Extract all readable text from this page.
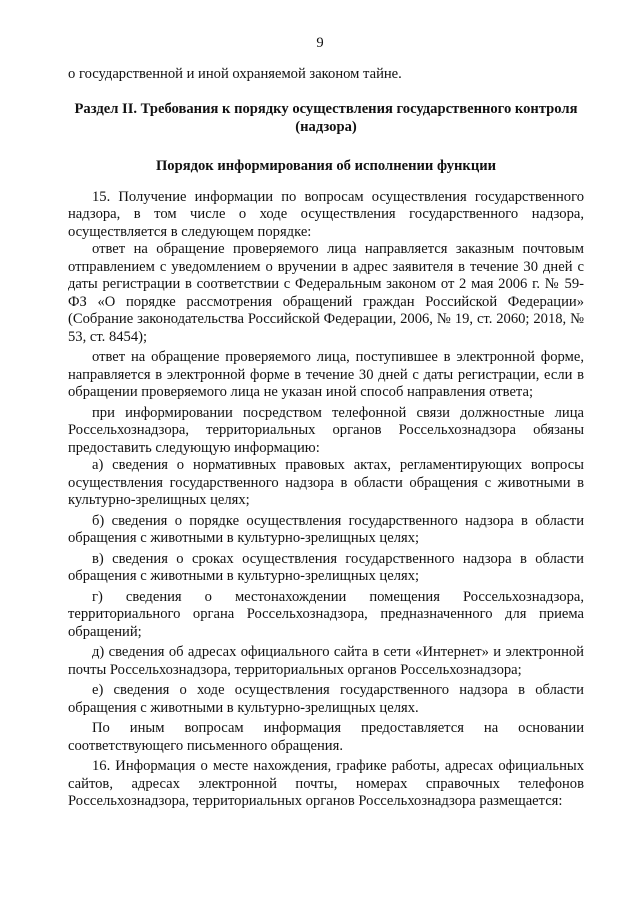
9

о государственной и иной охраняемой законом тайне.

Раздел II. Требования к порядку осуществления государственного контроля (надзора)
Порядок информирования об исполнении функции

15. Получение информации по вопросам осуществления государственного надзора, в том числе о ходе осуществления государственного надзора, осуществляется в следующем порядке:

ответ на обращение проверяемого лица направляется заказным почтовым отправлением с уведомлением о вручении в адрес заявителя в течение 30 дней с даты регистрации в соответствии с Федеральным законом от 2 мая 2006 г. № 59-ФЗ «О порядке рассмотрения обращений граждан Российской Федерации» (Собрание законодательства Российской Федерации, 2006, № 19, ст. 2060; 2018, № 53, ст. 8454);

ответ на обращение проверяемого лица, поступившее в электронной форме, направляется в электронной форме в течение 30 дней с даты регистрации, если в обращении проверяемого лица не указан иной способ направления ответа;

при информировании посредством телефонной связи должностные лица Россельхознадзора, территориальных органов Россельхознадзора обязаны предоставить следующую информацию:

а) сведения о нормативных правовых актах, регламентирующих вопросы осуществления государственного надзора в области обращения с животными в культурно-зрелищных целях;

б) сведения о порядке осуществления государственного надзора в области обращения с животными в культурно-зрелищных целях;

в) сведения о сроках осуществления государственного надзора в области обращения с животными в культурно-зрелищных целях;

г) сведения о местонахождении помещения Россельхознадзора, территориального органа Россельхознадзора, предназначенного для приема обращений;

д) сведения об адресах официального сайта в сети «Интернет» и электронной почты Россельхознадзора, территориальных органов Россельхознадзора;

е) сведения о ходе осуществления государственного надзора в области обращения с животными в культурно-зрелищных целях.

По иным вопросам информация предоставляется на основании соответствующего письменного обращения.

16. Информация о месте нахождения, графике работы, адресах официальных сайтов, адресах электронной почты, номерах справочных телефонов Россельхознадзора, территориальных органов Россельхознадзора размещается:
